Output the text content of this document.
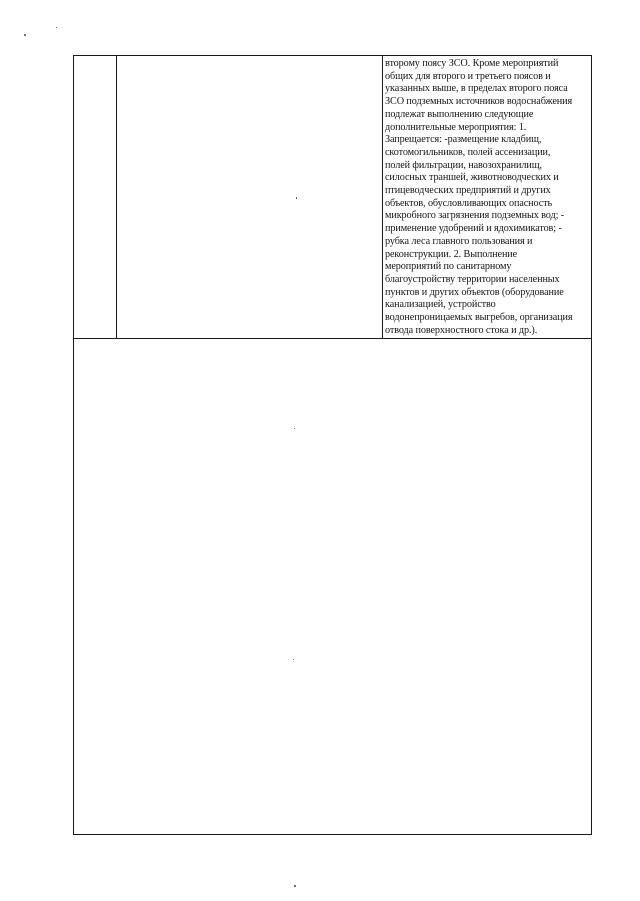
второму поясу ЗСО. Кроме мероприятий
общих для второго и третьего поясов и
указанных выше, в пределах второго пояса
ЗСО подземных источников водоснабжения
подлежат выполнению следующие
дополнительные мероприятия: 1.
Запрещается: -размещение кладбищ,
скотомогильников, полей ассенизации,
полей фильтрации, навозохранилищ,
силосных траншей, животноводческих и
птицеводческих предприятий и других
объектов, обусловливающих опасность
микробного загрязнения подземных вод; -
применение удобрений и ядохимикатов; -
рубка леса главного пользования и
реконструкции. 2. Выполнение
мероприятий по санитарному
благоустройству территории населенных
пунктов и других объектов (оборудование
канализацией, устройство
водонепроницаемых выгребов, организация
отвода поверхностного стока и др.).
